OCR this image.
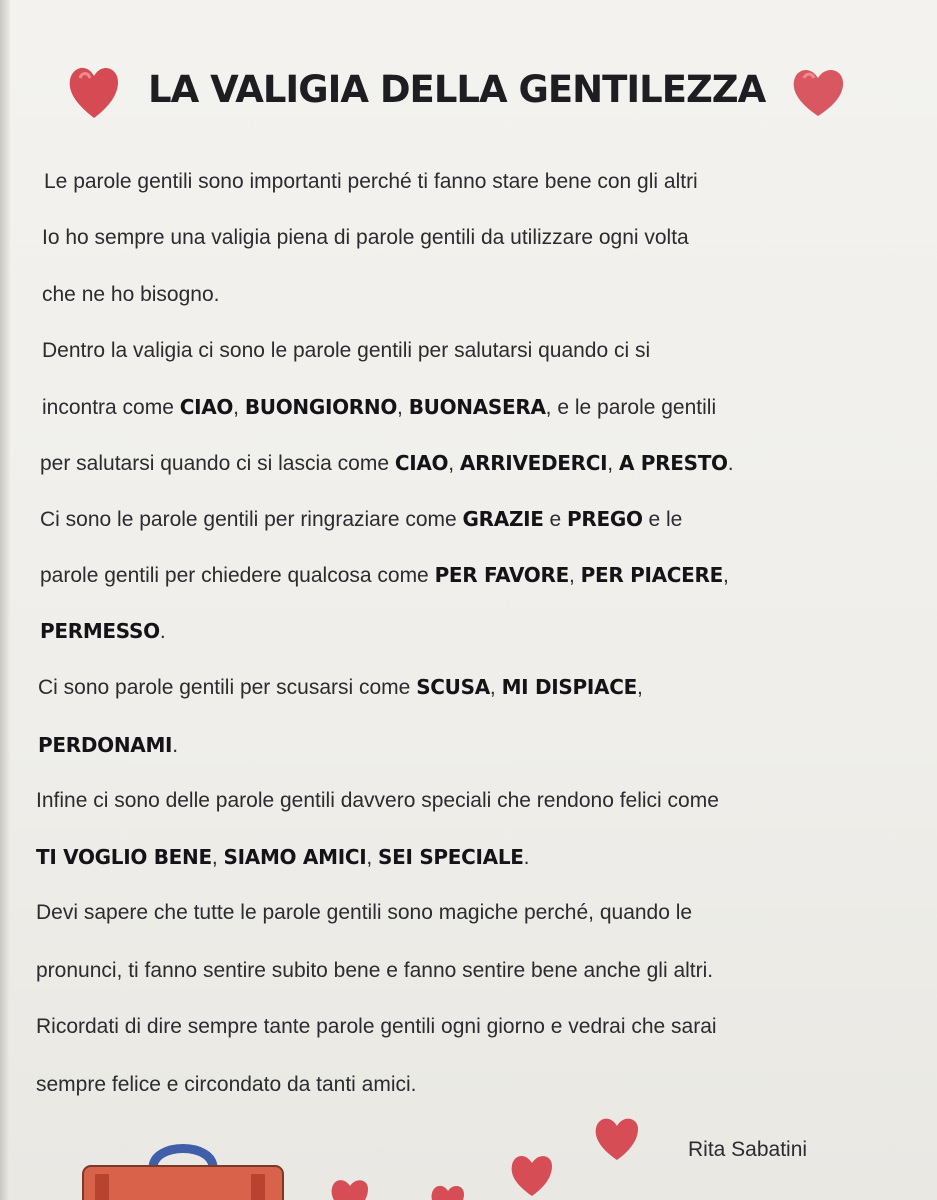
LA VALIGIA DELLA GENTILEZZA
Le parole gentili sono importanti perché ti fanno stare bene con gli altri
Io ho sempre una valigia piena di parole gentili da utilizzare ogni volta
che ne ho bisogno.
Dentro la valigia ci sono le parole gentili per salutarsi quando ci si
incontra come CIAO, BUONGIORNO, BUONASERA, e le parole gentili
per salutarsi quando ci si lascia come CIAO, ARRIVEDERCI, A PRESTO.
Ci sono le parole gentili per ringraziare come GRAZIE e PREGO e le
parole gentili per chiedere qualcosa come PER FAVORE, PER PIACERE,
PERMESSO.
Ci sono parole gentili per scusarsi come SCUSA, MI DISPIACE,
PERDONAMI.
Infine ci sono delle parole gentili davvero speciali che rendono felici come
TI VOGLIO BENE, SIAMO AMICI, SEI SPECIALE.
Devi sapere che tutte le parole gentili sono magiche perché, quando le
pronunci, ti fanno sentire subito bene e fanno sentire bene anche gli altri.
Ricordati di dire sempre tante parole gentili ogni giorno e vedrai che sarai
sempre felice e circondato da tanti amici.
Rita Sabatini
